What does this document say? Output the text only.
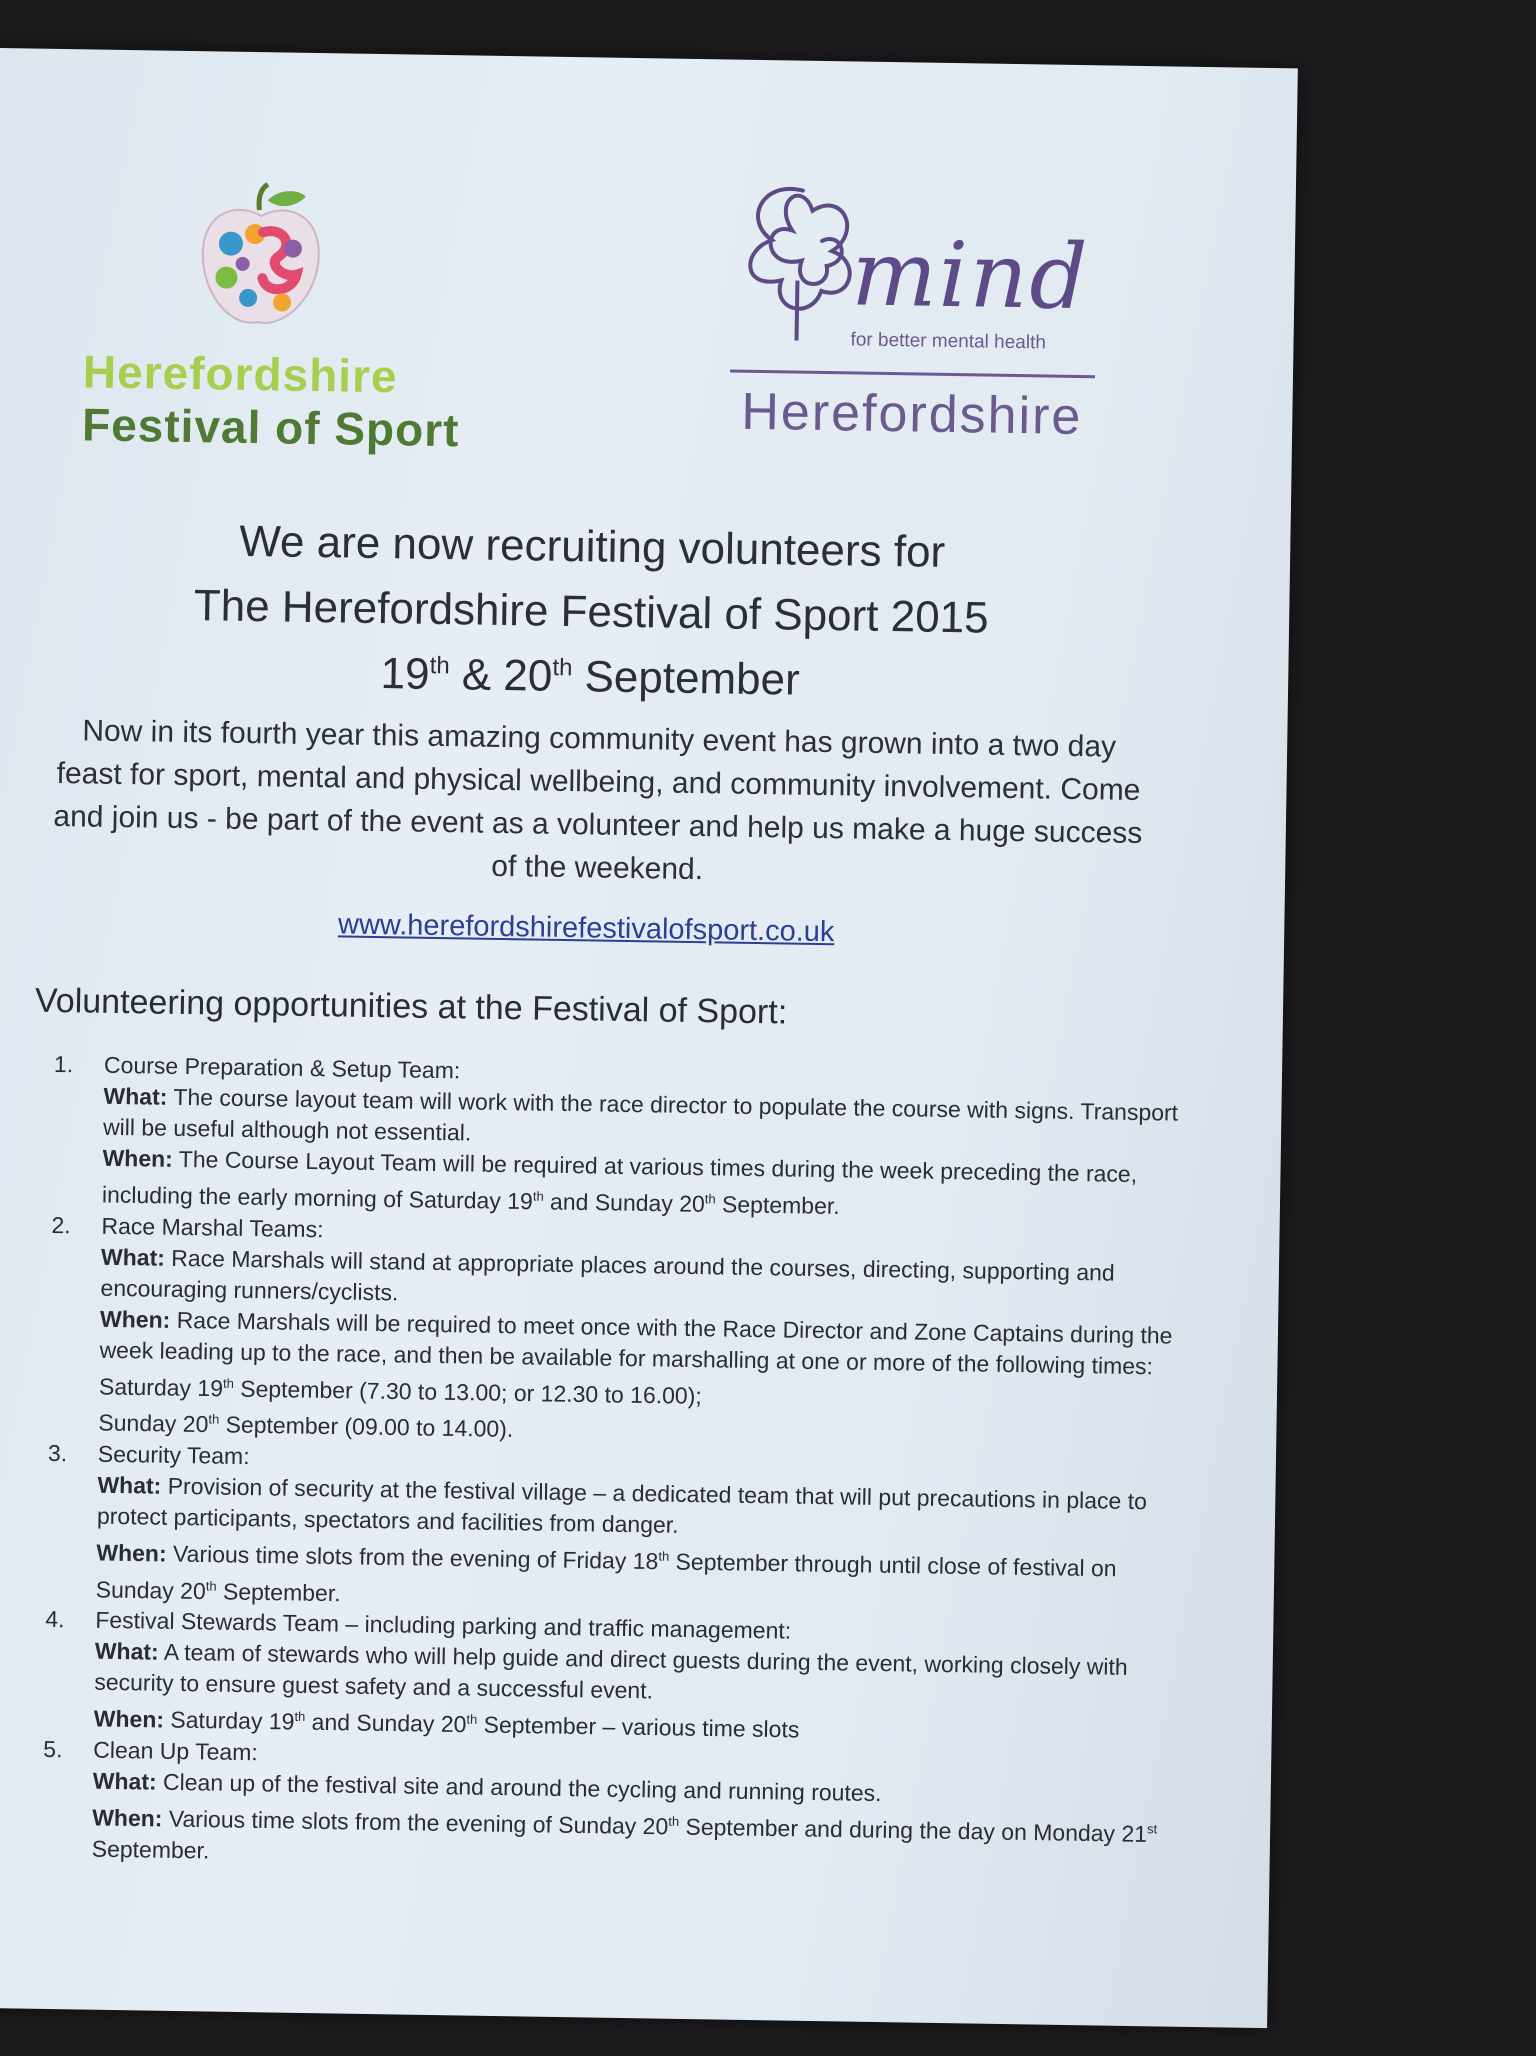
Herefordshire
Festival of Sport
mind
for better mental health
Herefordshire
We are now recruiting volunteers for
The Herefordshire Festival of Sport 2015
19th & 20th September
Now in its fourth year this amazing community event has grown into a two day feast for sport, mental and physical wellbeing, and community involvement. Come and join us - be part of the event as a volunteer and help us make a huge success of the weekend.
www.herefordshirefestivalofsport.co.uk
Volunteering opportunities at the Festival of Sport:
1. Course Preparation & Setup Team:
What: The course layout team will work with the race director to populate the course with signs. Transport will be useful although not essential.
When: The Course Layout Team will be required at various times during the week preceding the race, including the early morning of Saturday 19th and Sunday 20th September.
2. Race Marshal Teams:
What: Race Marshals will stand at appropriate places around the courses, directing, supporting and encouraging runners/cyclists.
When: Race Marshals will be required to meet once with the Race Director and Zone Captains during the week leading up to the race, and then be available for marshalling at one or more of the following times:
Saturday 19th September (7.30 to 13.00; or 12.30 to 16.00);
Sunday 20th September (09.00 to 14.00).
3. Security Team:
What: Provision of security at the festival village – a dedicated team that will put precautions in place to protect participants, spectators and facilities from danger.
When: Various time slots from the evening of Friday 18th September through until close of festival on Sunday 20th September.
4. Festival Stewards Team – including parking and traffic management:
What: A team of stewards who will help guide and direct guests during the event, working closely with security to ensure guest safety and a successful event.
When: Saturday 19th and Sunday 20th September – various time slots
5. Clean Up Team:
What: Clean up of the festival site and around the cycling and running routes.
When: Various time slots from the evening of Sunday 20th September and during the day on Monday 21st September.
